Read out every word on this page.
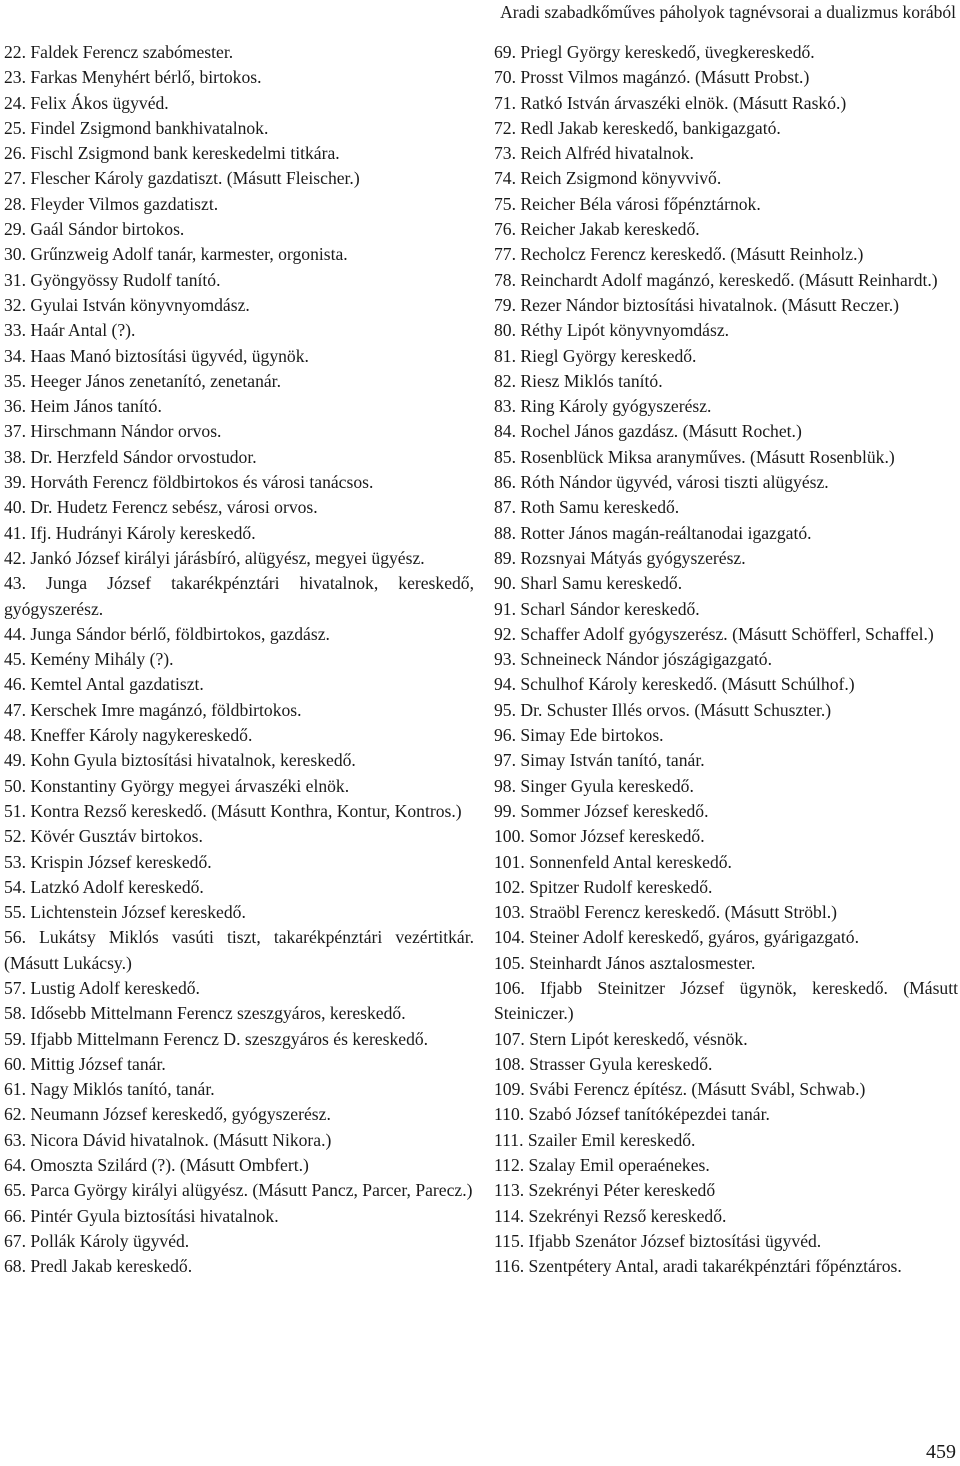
Aradi szabadkőműves páholyok tagnévsorai a dualizmus korából

22. Faldek Ferencz szabómester.

23. Farkas Menyhért bérlő, birtokos.

24. Felix Ákos ügyvéd.

25. Findel Zsigmond bankhivatalnok.

26. Fischl Zsigmond bank kereskedelmi titkára.

27. Flescher Károly gazdatiszt. (Másutt Fleischer.)

28. Fleyder Vilmos gazdatiszt.

29. Gaál Sándor birtokos.

30. Grűnzweig Adolf tanár, karmester, orgonista.

31. Gyöngyössy Rudolf tanító.

32. Gyulai István könyvnyomdász.

33. Haár Antal (?).

34. Haas Manó biztosítási ügyvéd, ügynök.

35. Heeger János zenetanító, zenetanár.

36. Heim János tanító.

37. Hirschmann Nándor orvos.

38. Dr. Herzfeld Sándor orvostudor.

39. Horváth Ferencz földbirtokos és városi tanácsos.

40. Dr. Hudetz Ferencz sebész, városi orvos.

41. Ifj. Hudrányi Károly kereskedő.

42. Jankó József királyi járásbíró, alügyész, megyei ügyész.

43. Junga József takarékpénztári hivatalnok, kereskedő, gyógyszerész.

44. Junga Sándor bérlő, földbirtokos, gazdász.

45. Kemény Mihály (?).

46. Kemtel Antal gazdatiszt.

47. Kerschek Imre magánzó, földbirtokos.

48. Kneffer Károly nagykereskedő.

49. Kohn Gyula biztosítási hivatalnok, kereskedő.

50. Konstantiny György megyei árvaszéki elnök.

51. Kontra Rezső kereskedő. (Másutt Konthra, Kontur, Kontros.)

52. Kövér Gusztáv birtokos.

53. Krispin József kereskedő.

54. Latzkó Adolf kereskedő.

55. Lichtenstein József kereskedő.

56. Lukátsy Miklós vasúti tiszt, takarékpénztári vezértitkár. (Másutt Lukácsy.)

57. Lustig Adolf kereskedő.

58. Idősebb Mittelmann Ferencz szeszgyáros, kereskedő.

59. Ifjabb Mittelmann Ferencz D. szeszgyáros és kereskedő.

60. Mittig József tanár.

61. Nagy Miklós tanító, tanár.

62. Neumann József kereskedő, gyógyszerész.

63. Nicora Dávid hivatalnok. (Másutt Nikora.)

64. Omoszta Szilárd (?). (Másutt Ombfert.)

65. Parca György királyi alügyész. (Másutt Pancz, Parcer, Parecz.)

66. Pintér Gyula biztosítási hivatalnok.

67. Pollák Károly ügyvéd.

68. Predl Jakab kereskedő.

69. Priegl György kereskedő, üvegkereskedő.

70. Prosst Vilmos magánzó. (Másutt Probst.)

71. Ratkó István árvaszéki elnök. (Másutt Raskó.)

72. Redl Jakab kereskedő, bankigazgató.

73. Reich Alfréd hivatalnok.

74. Reich Zsigmond könyvvivő.

75. Reicher Béla városi főpénztárnok.

76. Reicher Jakab kereskedő.

77. Recholcz Ferencz kereskedő. (Másutt Reinholz.)

78. Reinchardt Adolf magánzó, kereskedő. (Másutt Reinhardt.)

79. Rezer Nándor biztosítási hivatalnok. (Másutt Reczer.)

80. Réthy Lipót könyvnyomdász.

81. Riegl György kereskedő.

82. Riesz Miklós tanító.

83. Ring Károly gyógyszerész.

84. Rochel János gazdász. (Másutt Rochet.)

85. Rosenblück Miksa aranyműves. (Másutt Rosenblük.)

86. Róth Nándor ügyvéd, városi tiszti alügyész.

87. Roth Samu kereskedő.

88. Rotter János magán-reáltanodai igazgató.

89. Rozsnyai Mátyás gyógyszerész.

90. Sharl Samu kereskedő.

91. Scharl Sándor kereskedő.

92. Schaffer Adolf gyógyszerész. (Másutt Schöfferl, Schaffel.)

93. Schneineck Nándor jószágigazgató.

94. Schulhof Károly kereskedő. (Másutt Schúlhof.)

95. Dr. Schuster Illés orvos. (Másutt Schuszter.)

96. Simay Ede birtokos.

97. Simay István tanító, tanár.

98. Singer Gyula kereskedő.

99. Sommer József kereskedő.

100. Somor József kereskedő.

101. Sonnenfeld Antal kereskedő.

102. Spitzer Rudolf kereskedő.

103. Straöbl Ferencz kereskedő. (Másutt Ströbl.)

104. Steiner Adolf kereskedő, gyáros, gyárigazgató.

105. Steinhardt János asztalosmester.

106. Ifjabb Steinitzer József ügynök, kereskedő. (Másutt Steiniczer.)

107. Stern Lipót kereskedő, vésnök.

108. Strasser Gyula kereskedő.

109. Svábi Ferencz építész. (Másutt Svábl, Schwab.)

110. Szabó József tanítóképezdei tanár.

111. Szailer Emil kereskedő.

112. Szalay Emil operaénekes.

113. Szekrényi Péter kereskedő

114. Szekrényi Rezső kereskedő.

115. Ifjabb Szenátor József biztosítási ügyvéd.

116. Szentpétery Antal, aradi takarékpénztári főpénztáros.

459
